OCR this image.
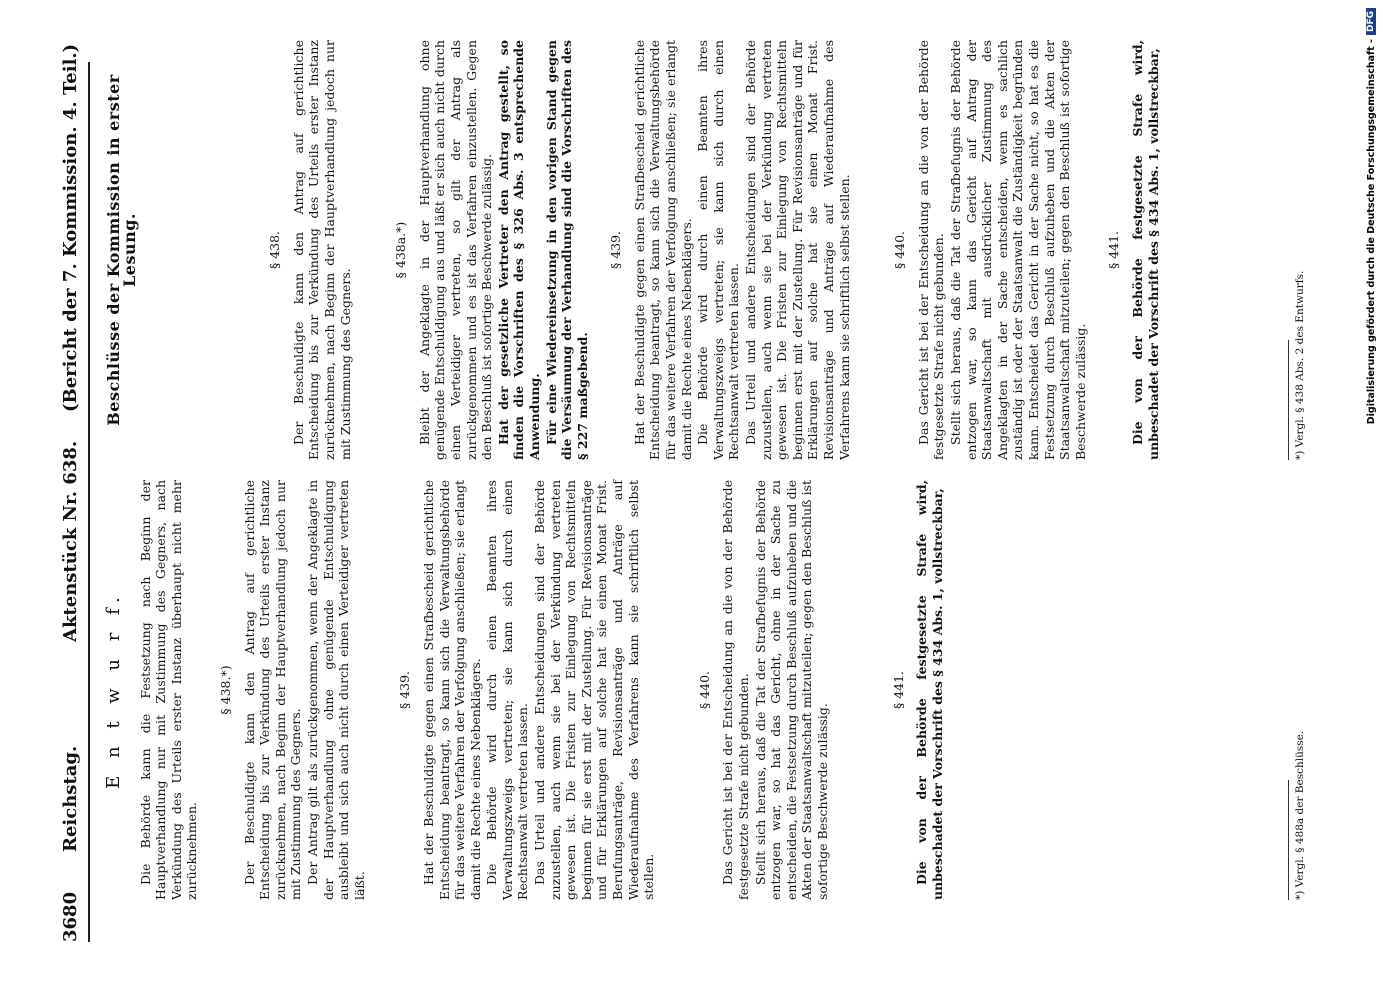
3680
Reichstag.
Aktenstück Nr. 638.
(Bericht der 7. Kommission. 4. Teil.)
E n t w u r f. Die Behörde kann die Festsetzung nach Beginn der Hauptverhandlung nur mit Zustimmung des Gegners, nach Verkündung des Urteils erster Instanz überhaupt nicht mehr zurücknehmen.

§ 438.*) Der Beschuldigte kann den Antrag auf gerichtliche Entscheidung bis zur Verkündung des Urteils erster Instanz zurücknehmen, nach Beginn der Hauptverhandlung jedoch nur mit Zustimmung des Gegners. Der Antrag gilt als zurückgenommen, wenn der Angeklagte in der Hauptverhandlung ohne genügende Entschuldigung ausbleibt und sich auch nicht durch einen Verteidiger vertreten läßt.

§ 439. Hat der Beschuldigte gegen einen Strafbescheid gerichtliche Entscheidung beantragt, so kann sich die Verwaltungsbehörde für das weitere Verfahren der Verfolgung anschließen; sie erlangt damit die Rechte eines Nebenklägers. Die Behörde wird durch einen Beamten ihres Verwaltungszweigs vertreten; sie kann sich durch einen Rechtsanwalt vertreten lassen. Das Urteil und andere Entscheidungen sind der Behörde zuzustellen, auch wenn sie bei der Verkündung vertreten gewesen ist. Die Fristen zur Einlegung von Rechtsmitteln beginnen für sie erst mit der Zustellung. Für Revisionsanträge und für Erklärungen auf solche hat sie einen Monat Frist. Berufungsanträge, Revisionsanträge und Anträge auf Wiederaufnahme des Verfahrens kann sie schriftlich selbst stellen.

§ 440. Das Gericht ist bei der Entscheidung an die von der Behörde festgesetzte Strafe nicht gebunden. Stellt sich heraus, daß die Tat der Strafbefugnis der Behörde entzogen war, so hat das Gericht, ohne in der Sache zu entscheiden, die Festsetzung durch Beschluß aufzuheben und die Akten der Staatsanwaltschaft mitzuteilen; gegen den Beschluß ist sofortige Beschwerde zulässig.

§ 441. Die von der Behörde festgesetzte Strafe wird, unbeschadet der Vorschrift des § 434 Abs. 1, vollstreckbar,	*) Vergl. § 488a der Beschlüsse.
Beschlüsse der Kommission in erster Lesung.	§ 438. Der Beschuldigte kann den Antrag auf gerichtliche Entscheidung bis zur Verkündung des Urteils erster Instanz zurücknehmen, nach Beginn der Hauptverhandlung jedoch nur mit Zustimmung des Gegners.

§ 438a.*) Bleibt der Angeklagte in der Hauptverhandlung ohne genügende Entschuldigung aus und läßt er sich auch nicht durch einen Verteidiger vertreten, so gilt der Antrag als zurückgenommen und es ist das Verfahren einzustellen. Gegen den Beschluß ist sofortige Beschwerde zulässig. Hat der gesetzliche Vertreter den Antrag gestellt, so finden die Vorschriften des § 326 Abs. 3 entsprechende Anwendung. Für eine Wiedereinsetzung in den vorigen Stand gegen die Versäumung der Verhandlung sind die Vorschriften des § 227 maßgebend.

§ 439. Hat der Beschuldigte gegen einen Strafbescheid gerichtliche Entscheidung beantragt, so kann sich die Verwaltungsbehörde für das weitere Verfahren der Verfolgung anschließen; sie erlangt damit die Rechte eines Nebenklägers. Die Behörde wird durch einen Beamten ihres Verwaltungszweigs vertreten; sie kann sich durch einen Rechtsanwalt vertreten lassen. Das Urteil und andere Entscheidungen sind der Behörde zuzustellen, auch wenn sie bei der Verkündung vertreten gewesen ist. Die Fristen zur Einlegung von Rechtsmitteln beginnen erst mit der Zustellung. Für Revisionsanträge und für Erklärungen auf solche hat sie einen Monat Frist. Revisionsanträge und Anträge auf Wiederaufnahme des Verfahrens kann sie schriftlich selbst stellen.	§ 440. Das Gericht ist bei der Entscheidung an die von der Behörde festgesetzte Strafe nicht gebunden. Stellt sich heraus, daß die Tat der Strafbefugnis der Behörde entzogen war, so kann das Gericht auf Antrag der Staatsanwaltschaft mit ausdrücklicher Zustimmung des Angeklagten in der Sache entscheiden, wenn es sachlich zuständig ist oder der Staatsanwalt die Zuständigkeit begründen kann. Entscheidet das Gericht in der Sache nicht, so hat es die Festsetzung durch Beschluß aufzuheben und die Akten der Staatsanwaltschaft mitzuteilen; gegen den Beschluß ist sofortige Beschwerde zulässig.

§ 441. Die von der Behörde festgesetzte Strafe wird, unbeschadet der Vorschrift des § 434 Abs. 1, vollstreckbar,	*) Vergl. § 438 Abs. 2 des Entwurfs.	Digitalisierung gefördert durch die Deutsche Forschungsgemeinschaft -
DFG
